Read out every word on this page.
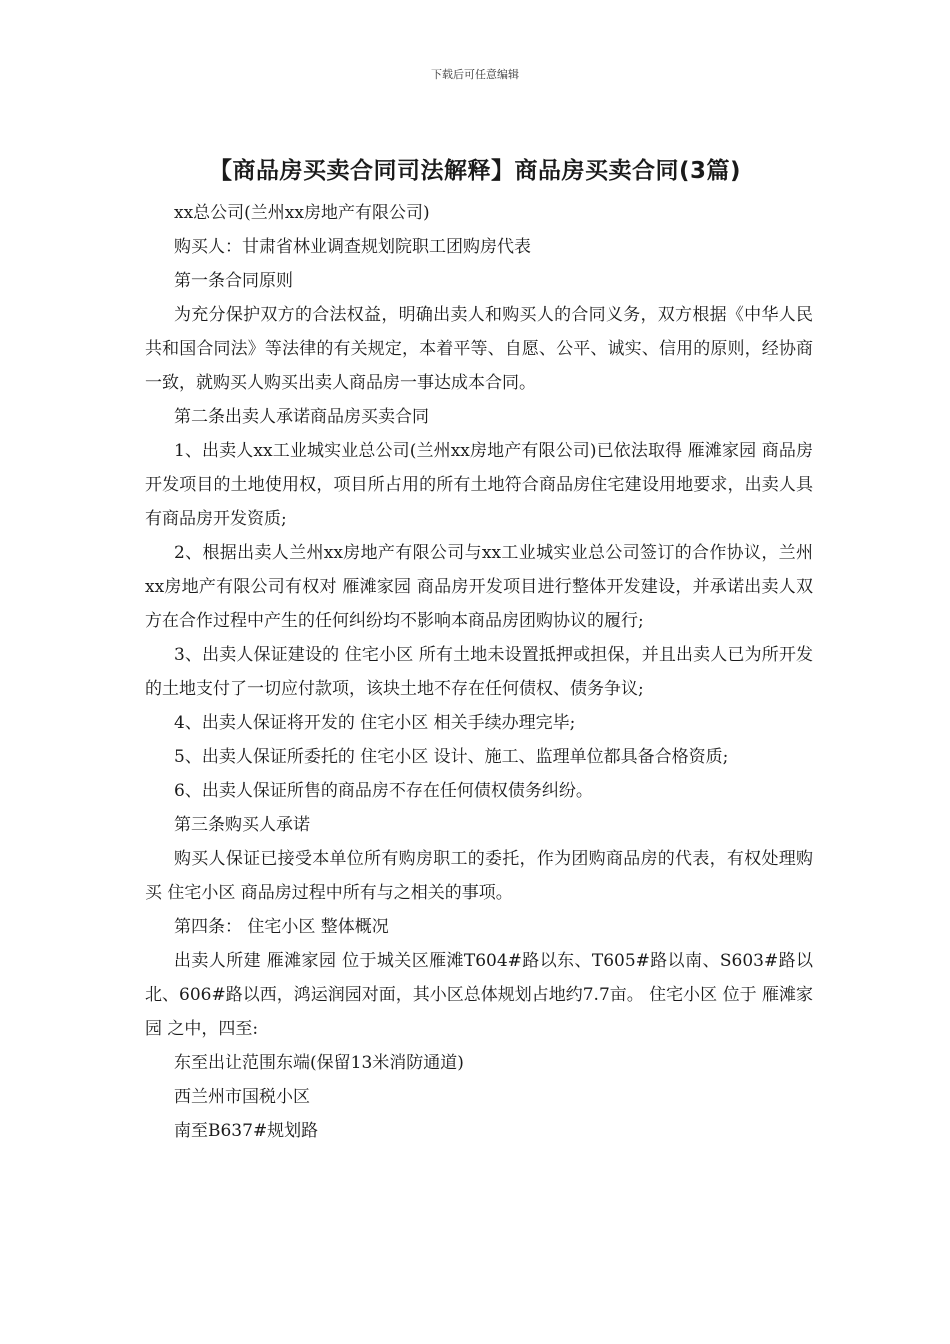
下载后可任意编辑
【商品房买卖合同司法解释】商品房买卖合同(3篇)

xx总公司(兰州xx房地产有限公司)

购买人：甘肃省林业调查规划院职工团购房代表

第一条合同原则

为充分保护双方的合法权益，明确出卖人和购买人的合同义务，双方根据《中华人民共和国合同法》等法律的有关规定，本着平等、自愿、公平、诚实、信用的原则，经协商一致，就购买人购买出卖人商品房一事达成本合同。

第二条出卖人承诺商品房买卖合同

1、出卖人xx工业城实业总公司(兰州xx房地产有限公司)已依法取得 雁滩家园 商品房开发项目的土地使用权，项目所占用的所有土地符合商品房住宅建设用地要求，出卖人具有商品房开发资质;

2、根据出卖人兰州xx房地产有限公司与xx工业城实业总公司签订的合作协议，兰州xx房地产有限公司有权对 雁滩家园 商品房开发项目进行整体开发建设，并承诺出卖人双方在合作过程中产生的任何纠纷均不影响本商品房团购协议的履行;

3、出卖人保证建设的 住宅小区 所有土地未设置抵押或担保，并且出卖人已为所开发的土地支付了一切应付款项，该块土地不存在任何债权、债务争议;

4、出卖人保证将开发的 住宅小区 相关手续办理完毕;

5、出卖人保证所委托的 住宅小区 设计、施工、监理单位都具备合格资质;

6、出卖人保证所售的商品房不存在任何债权债务纠纷。

第三条购买人承诺

购买人保证已接受本单位所有购房职工的委托，作为团购商品房的代表，有权处理购买 住宅小区 商品房过程中所有与之相关的事项。

第四条： 住宅小区 整体概况

出卖人所建 雁滩家园 位于城关区雁滩T604#路以东、T605#路以南、S603#路以北、606#路以西，鸿运润园对面，其小区总体规划占地约7.7亩。 住宅小区 位于 雁滩家园 之中，四至:

东至出让范围东端(保留13米消防通道)

西兰州市国税小区

南至B637#规划路
